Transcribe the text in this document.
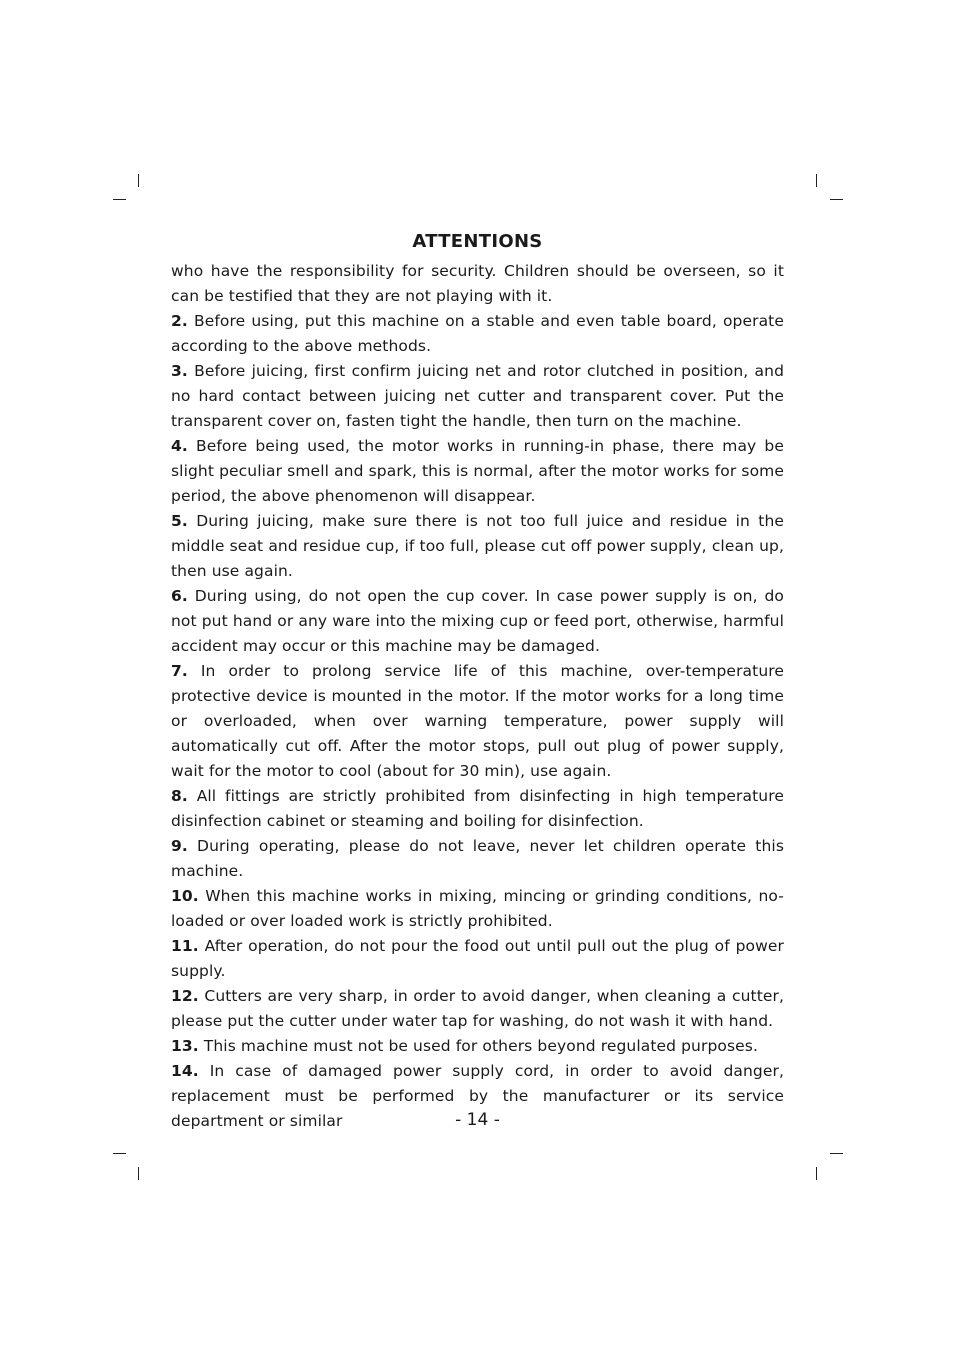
ATTENTIONS

who have the responsibility for security. Children should be overseen, so it can be testified that they are not playing with it.

2. Before using, put this machine on a stable and even table board, operate according to the above methods.

3. Before juicing, first confirm juicing net and rotor clutched in position, and no hard contact between juicing net cutter and transparent cover. Put the transparent cover on, fasten tight the handle, then turn on the machine.

4. Before being used, the motor works in running-in phase, there may be slight peculiar smell and spark, this is normal, after the motor works for some period, the above phenomenon will disappear.

5. During juicing, make sure there is not too full juice and residue in the middle seat and residue cup, if too full, please cut off power supply, clean up, then use again.

6. During using, do not open the cup cover. In case power supply is on, do not put hand or any ware into the mixing cup or feed port, otherwise, harmful accident may occur or this machine may be damaged.

7. In order to prolong service life of this machine, over-temperature protective device is mounted in the motor. If the motor works for a long time or overloaded, when over warning temperature, power supply will automatically cut off. After the motor stops, pull out plug of power supply, wait for the motor to cool (about for 30 min), use again.

8. All fittings are strictly prohibited from disinfecting in high temperature disinfection cabinet or steaming and boiling for disinfection.

9. During operating, please do not leave, never let children operate this machine.

10. When this machine works in mixing, mincing or grinding conditions, no-loaded or over loaded work is strictly prohibited.

11. After operation, do not pour the food out until pull out the plug of power supply.

12. Cutters are very sharp, in order to avoid danger, when cleaning a cutter, please put the cutter under water tap for washing, do not wash it with hand.

13. This machine must not be used for others beyond regulated purposes.

14. In case of damaged power supply cord, in order to avoid danger, replacement must be performed by the manufacturer or its service department or similar	- 14 -
